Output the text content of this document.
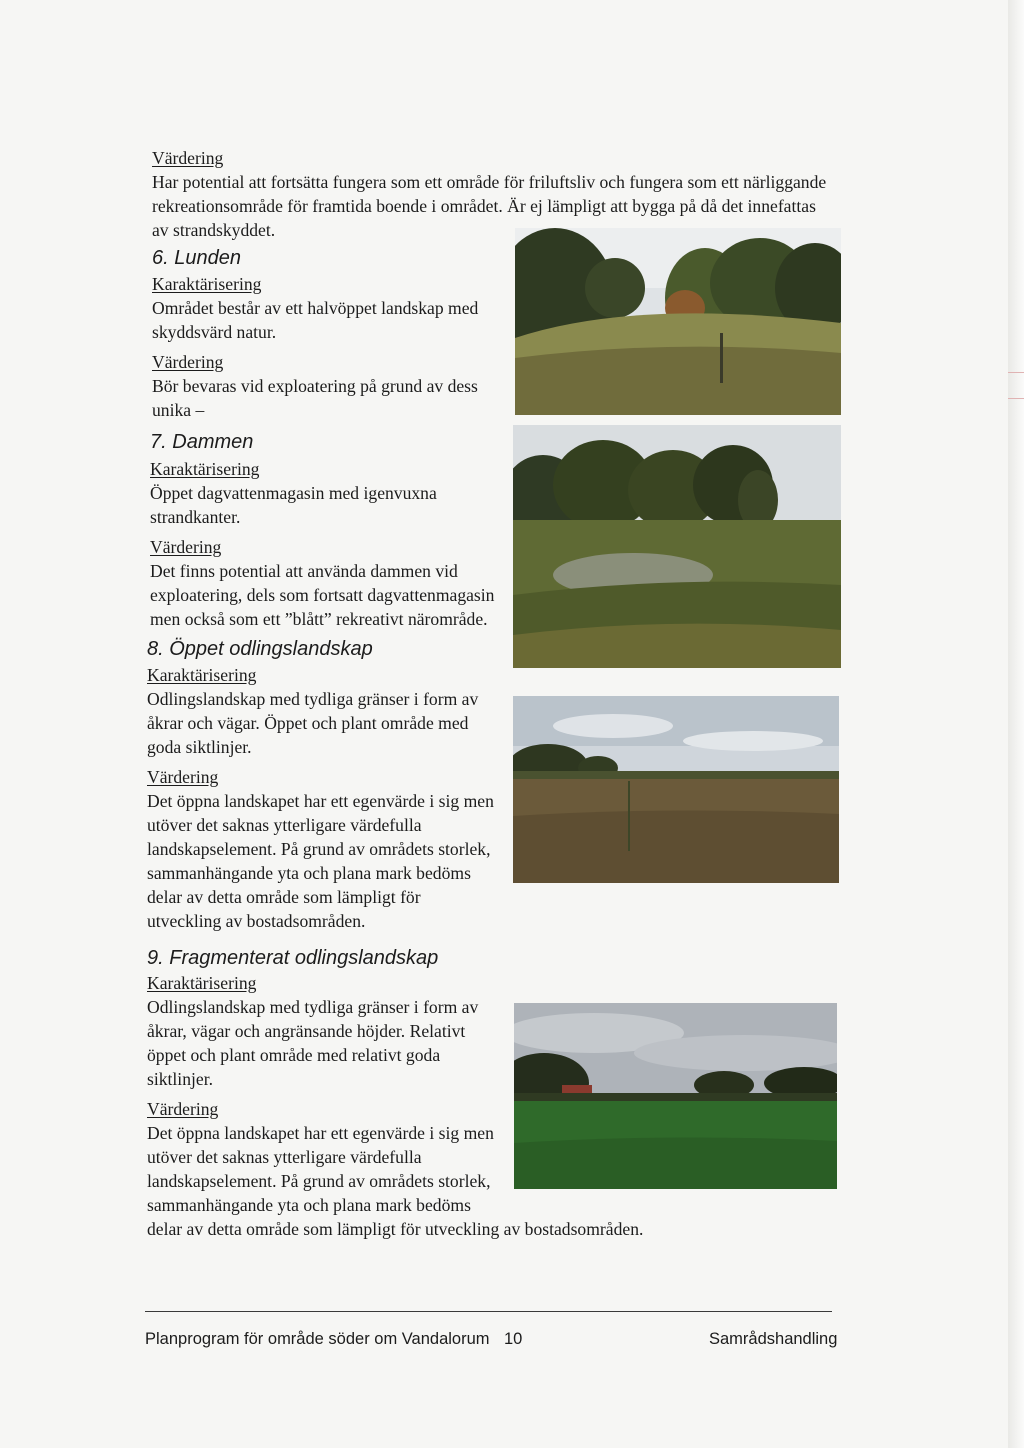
Värdering
Har potential att fortsätta fungera som ett område för friluftsliv och fungera som ett närliggande
rekreationsområde för framtida boende i området. Är ej lämpligt att bygga på då det innefattas
av strandskyddet.
6. Lunden
Karaktärisering
Området består av ett halvöppet landskap med
skyddsvärd natur.
Värdering
Bör bevaras vid exploatering på grund av dess
unika –
7. Dammen
Karaktärisering
Öppet dagvattenmagasin med igenvuxna
strandkanter.
Värdering
Det finns potential att använda dammen vid
exploatering, dels som fortsatt dagvattenmagasin
men också som ett ”blått” rekreativt närområde.
8. Öppet odlingslandskap
Karaktärisering
Odlingslandskap med tydliga gränser i form av
åkrar och vägar. Öppet och plant område med
goda siktlinjer.
Värdering
Det öppna landskapet har ett egenvärde i sig men
utöver det saknas ytterligare värdefulla
landskapselement. På grund av områdets storlek,
sammanhängande yta och plana mark bedöms
delar av detta område som lämpligt för
utveckling av bostadsområden.
9. Fragmenterat odlingslandskap
Karaktärisering
Odlingslandskap med tydliga gränser i form av
åkrar, vägar och angränsande höjder. Relativt
öppet och plant område med relativt goda
siktlinjer.
Värdering
Det öppna landskapet har ett egenvärde i sig men
utöver det saknas ytterligare värdefulla
landskapselement. På grund av områdets storlek,
sammanhängande yta och plana mark bedöms
delar av detta område som lämpligt för utveckling av bostadsområden.
Planprogram för område söder om Vandalorum 10	Samrådshandling
